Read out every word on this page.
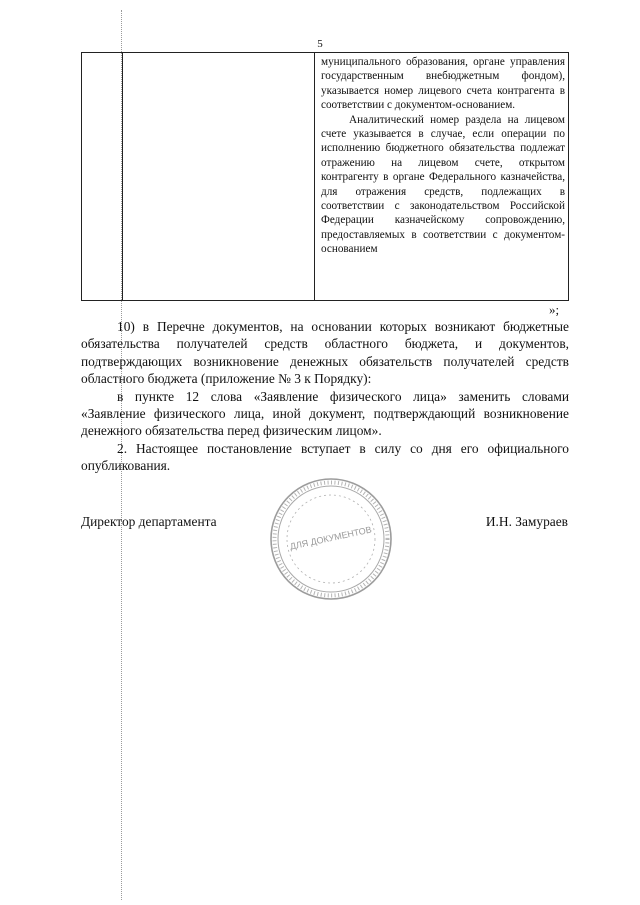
5

муниципального образования, органе управления государственным внебюджетным фондом), указывается номер лицевого счета контрагента в соответствии с документом-основанием.

Аналитический номер раздела на лицевом счете указывается в случае, если операции по исполнению бюджетного обязательства подлежат отражению на лицевом счете, открытом контрагенту в органе Федерального казначейства, для отражения средств, подлежащих в соответствии с законодательством Российской Федерации казначейскому сопровождению, предоставляемых в соответствии с документом-основанием

»;

10) в Перечне документов, на основании которых возникают бюджетные обязательства получателей средств областного бюджета, и документов, подтверждающих возникновение денежных обязательств получателей средств областного бюджета (приложение № 3 к Порядку):

в пункте 12 слова «Заявление физического лица» заменить словами «Заявление физического лица, иной документ, подтверждающий возникновение денежного обязательства перед физическим лицом».

2. Настоящее постановление вступает в силу со дня его официального опубликования.

Директор департамента	И.Н. Замураев
ДЛЯ ДОКУМЕНТОВ
